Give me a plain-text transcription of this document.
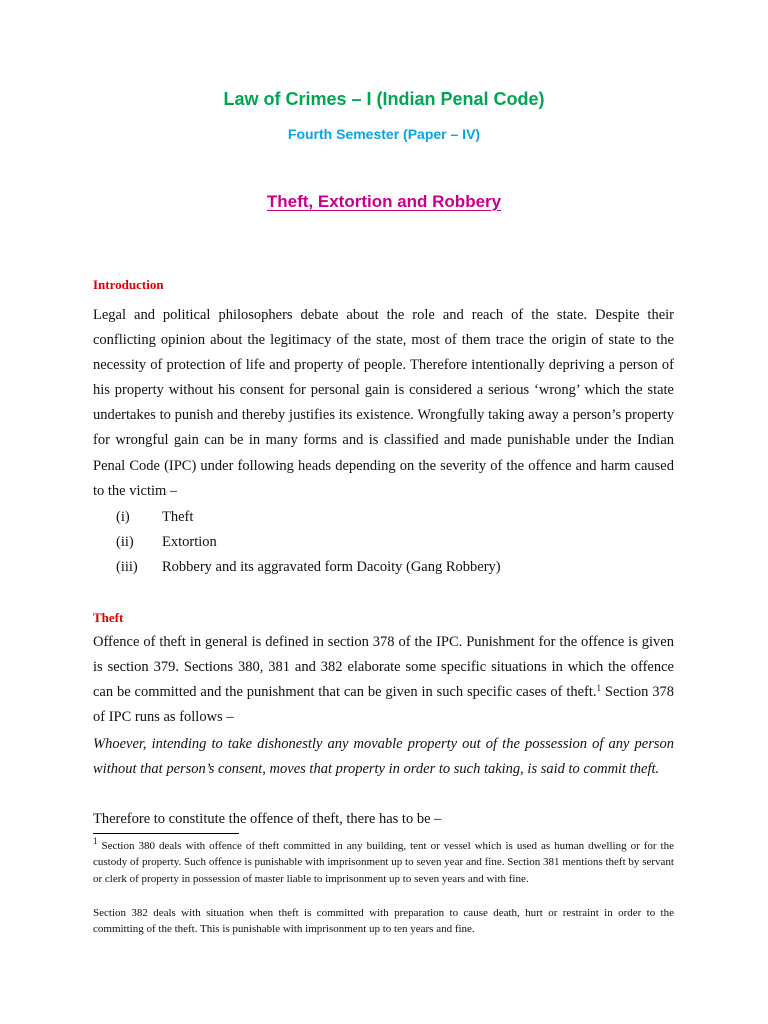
Law of Crimes – I (Indian Penal Code)
Fourth Semester (Paper – IV)
Theft, Extortion and Robbery
Introduction
Legal and political philosophers debate about the role and reach of the state. Despite their conflicting opinion about the legitimacy of the state, most of them trace the origin of state to the necessity of protection of life and property of people. Therefore intentionally depriving a person of his property without his consent for personal gain is considered a serious ‘wrong’ which the state undertakes to punish and thereby justifies its existence. Wrongfully taking away a person’s property for wrongful gain can be in many forms and is classified and made punishable under the Indian Penal Code (IPC) under following heads depending on the severity of the offence and harm caused to the victim –
(i) Theft
(ii) Extortion
(iii) Robbery and its aggravated form Dacoity (Gang Robbery)
Theft
Offence of theft in general is defined in section 378 of the IPC. Punishment for the offence is given is section 379. Sections 380, 381 and 382 elaborate some specific situations in which the offence can be committed and the punishment that can be given in such specific cases of theft.$^1$ Section 378 of IPC runs as follows –
Whoever, intending to take dishonestly any movable property out of the possession of any person without that person’s consent, moves that property in order to such taking, is said to commit theft.
Therefore to constitute the offence of theft, there has to be –
$^1$ Section 380 deals with offence of theft committed in any building, tent or vessel which is used as human dwelling or for the custody of property. Such offence is punishable with imprisonment up to seven year and fine. Section 381 mentions theft by servant or clerk of property in possession of master liable to imprisonment up to seven years and with fine.
Section 382 deals with situation when theft is committed with preparation to cause death, hurt or restraint in order to the committing of the theft. This is punishable with imprisonment up to ten years and fine.
